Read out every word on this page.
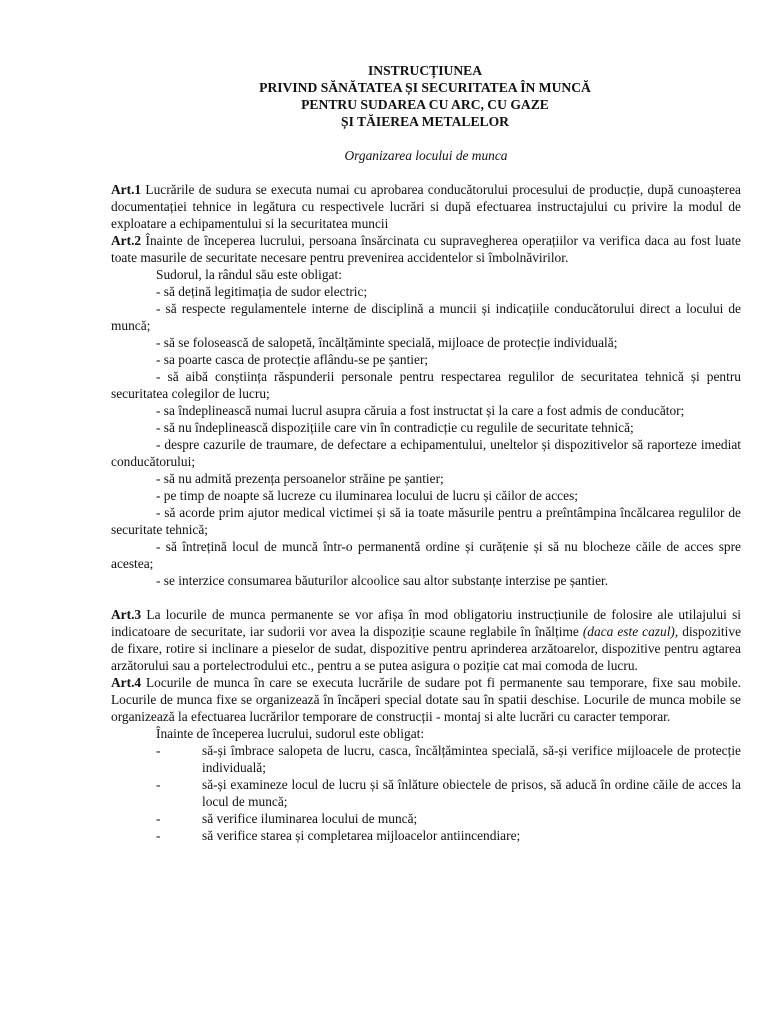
INSTRUCȚIUNEA
PRIVIND SĂNĂTATEA ȘI SECURITATEA ÎN MUNCĂ
PENTRU SUDAREA CU ARC, CU GAZE
ȘI TĂIEREA METALELOR
Organizarea locului de munca
Art.1 Lucrările de sudura se executa numai cu aprobarea conducătorului procesului de producție, după cunoașterea documentației tehnice in legătura cu respectivele lucrări si după efectuarea instructajului cu privire la modul de exploatare a echipamentului si la securitatea muncii
Art.2 Înainte de începerea lucrului, persoana însărcinata cu supravegherea operațiilor va verifica daca au fost luate toate masurile de securitate necesare pentru prevenirea accidentelor si îmbolnăvirilor.
Sudorul, la rândul său este obligat:
- să dețină legitimația de sudor electric;
- să respecte regulamentele interne de disciplină a muncii și indicațiile conducătorului direct a locului de muncă;
- să se folosească de salopetă, încălțăminte specială, mijloace de protecție individuală;
- sa poarte casca de protecție aflându-se pe șantier;
- să aibă conștiința răspunderii personale pentru respectarea regulilor de securitatea tehnică și pentru securitatea colegilor de lucru;
- sa îndeplinească numai lucrul asupra căruia a fost instructat și la care a fost admis de conducător;
- să nu îndeplinească dispozițiile care vin în contradicție cu regulile de securitate tehnică;
- despre cazurile de traumare, de defectare a echipamentului, uneltelor și dispozitivelor să raporteze imediat conducătorului;
- să nu admită prezența persoanelor străine pe șantier;
- pe timp de noapte să lucreze cu iluminarea locului de lucru și căilor de acces;
- să acorde prim ajutor medical victimei și să ia toate măsurile pentru a preîntâmpina încălcarea regulilor de securitate tehnică;
- să întrețină locul de muncă într-o permanentă ordine și curățenie și să nu blocheze căile de acces spre acestea;
- se interzice consumarea băuturilor alcoolice sau altor substanțe interzise pe șantier.
Art.3 La locurile de munca permanente se vor afișa în mod obligatoriu instrucțiunile de folosire ale utilajului si indicatoare de securitate, iar sudorii vor avea la dispoziție scaune reglabile în înălțime (daca este cazul), dispozitive de fixare, rotire si inclinare a pieselor de sudat, dispozitive pentru aprinderea arzătoarelor, dispozitive pentru agtarea arzătorului sau a portelectrodului etc., pentru a se putea asigura o poziție cat mai comoda de lucru.
Art.4 Locurile de munca în care se executa lucrările de sudare pot fi permanente sau temporare, fixe sau mobile. Locurile de munca fixe se organizează în încăperi special dotate sau în spatii deschise. Locurile de munca mobile se organizează la efectuarea lucrărilor temporare de construcții - montaj si alte lucrări cu caracter temporar.
Înainte de începerea lucrului, sudorul este obligat:
-	să-și îmbrace salopeta de lucru, casca, încălțămintea specială, să-și verifice mijloacele de protecție individuală;
-	să-și examineze locul de lucru și să înlăture obiectele de prisos, să aducă în ordine căile de acces la locul de muncă;
-	să verifice iluminarea locului de muncă;
-	să verifice starea și completarea mijloacelor antiincendiare;
